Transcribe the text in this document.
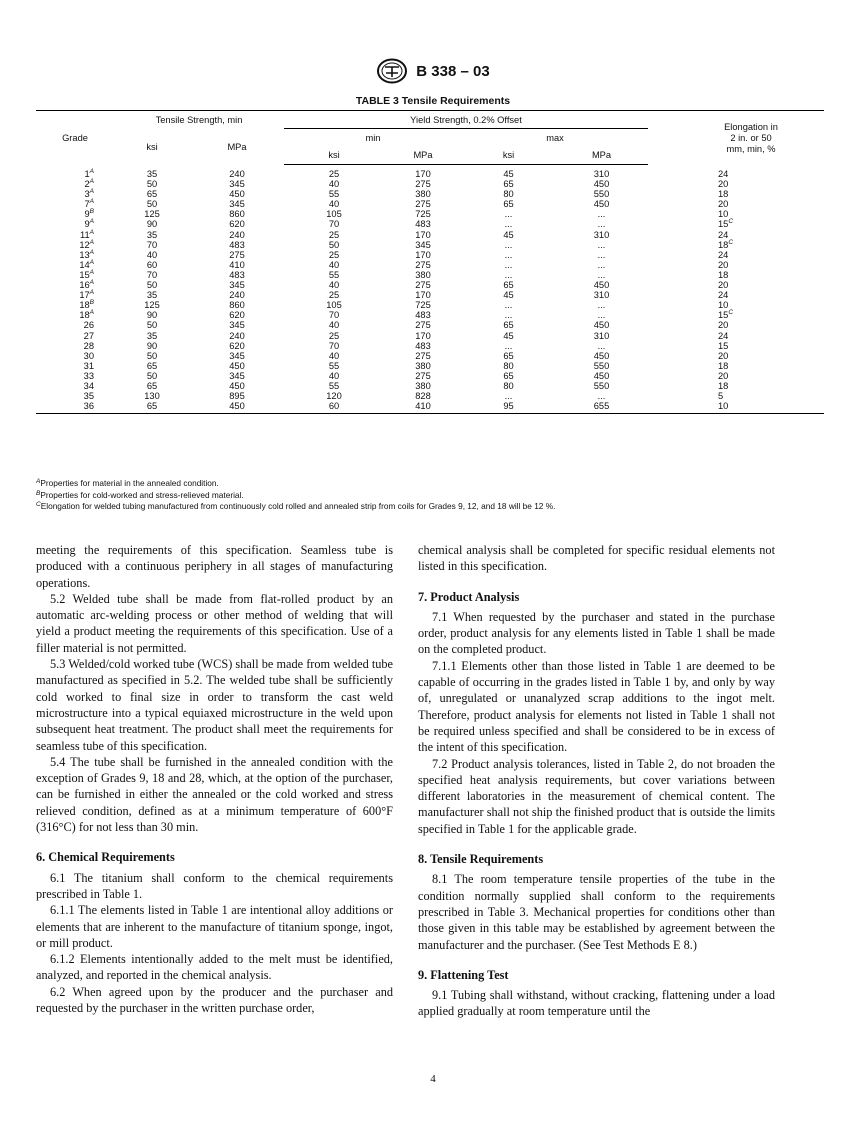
B 338 – 03
TABLE 3 Tensile Requirements
Grade	Tensile Strength, min		Yield Strength, 0.2% Offset				Elongation in 2 in. or 50 mm, min, %

	ksi	MPa	min		max		
			ksi	MPa	ksi	MPa	
$1^A$	35	240	25	170	45	310	24
$2^A$	50	345	40	275	65	450	20
$3^A$	65	450	55	380	80	550	18
$7^A$	50	345	40	275	65	450	20
$9^B$	125	860	105	725	...	...	10
$9^A$	90	620	70	483	...	...	$15^C$
$11^A$	35	240	25	170	45	310	24
$12^A$	70	483	50	345	...	...	$18^C$
$13^A$	40	275	25	170	...	...	24
$14^A$	60	410	40	275	...	...	20
$15^A$	70	483	55	380	...	...	18
$16^A$	50	345	40	275	65	450	20
$17^A$	35	240	25	170	45	310	24
$18^B$	125	860	105	725	...	...	10
$18^A$	90	620	70	483	...	...	$15^C$
26	50	345	40	275	65	450	20
27	35	240	25	170	45	310	24
28	90	620	70	483	...	...	15
30	50	345	40	275	65	450	20
31	65	450	55	380	80	550	18
33	50	345	40	275	65	450	20
34	65	450	55	380	80	550	18
35	130	895	120	828	...	...	5
36	65	450	60	410	95	655	10
$^A$Properties for material in the annealed condition.
$^B$Properties for cold-worked and stress-relieved material.
$^C$Elongation for welded tubing manufactured from continuously cold rolled and annealed strip from coils for Grades 9, 12, and 18 will be 12 %.

meeting the requirements of this specification. Seamless tube is produced with a continuous periphery in all stages of manufacturing operations.

5.2 Welded tube shall be made from flat-rolled product by an automatic arc-welding process or other method of welding that will yield a product meeting the requirements of this specification. Use of a filler material is not permitted.

5.3 Welded/cold worked tube (WCS) shall be made from welded tube manufactured as specified in 5.2. The welded tube shall be sufficiently cold worked to final size in order to transform the cast weld microstructure into a typical equiaxed microstructure in the weld upon subsequent heat treatment. The product shall meet the requirements for seamless tube of this specification.

5.4 The tube shall be furnished in the annealed condition with the exception of Grades 9, 18 and 28, which, at the option of the purchaser, can be furnished in either the annealed or the cold worked and stress relieved condition, defined as at a minimum temperature of 600°F (316°C) for not less than 30 min.

6. Chemical Requirements

6.1 The titanium shall conform to the chemical requirements prescribed in Table 1.

6.1.1 The elements listed in Table 1 are intentional alloy additions or elements that are inherent to the manufacture of titanium sponge, ingot, or mill product.

6.1.2 Elements intentionally added to the melt must be identified, analyzed, and reported in the chemical analysis.

6.2 When agreed upon by the producer and the purchaser and requested by the purchaser in the written purchase order,

chemical analysis shall be completed for specific residual elements not listed in this specification.

7. Product Analysis

7.1 When requested by the purchaser and stated in the purchase order, product analysis for any elements listed in Table 1 shall be made on the completed product.

7.1.1 Elements other than those listed in Table 1 are deemed to be capable of occurring in the grades listed in Table 1 by, and only by way of, unregulated or unanalyzed scrap additions to the ingot melt. Therefore, product analysis for elements not listed in Table 1 shall not be required unless specified and shall be considered to be in excess of the intent of this specification.

7.2 Product analysis tolerances, listed in Table 2, do not broaden the specified heat analysis requirements, but cover variations between different laboratories in the measurement of chemical content. The manufacturer shall not ship the finished product that is outside the limits specified in Table 1 for the applicable grade.

8. Tensile Requirements

8.1 The room temperature tensile properties of the tube in the condition normally supplied shall conform to the requirements prescribed in Table 3. Mechanical properties for conditions other than those given in this table may be established by agreement between the manufacturer and the purchaser. (See Test Methods E 8.)

9. Flattening Test

9.1 Tubing shall withstand, without cracking, flattening under a load applied gradually at room temperature until the

4
